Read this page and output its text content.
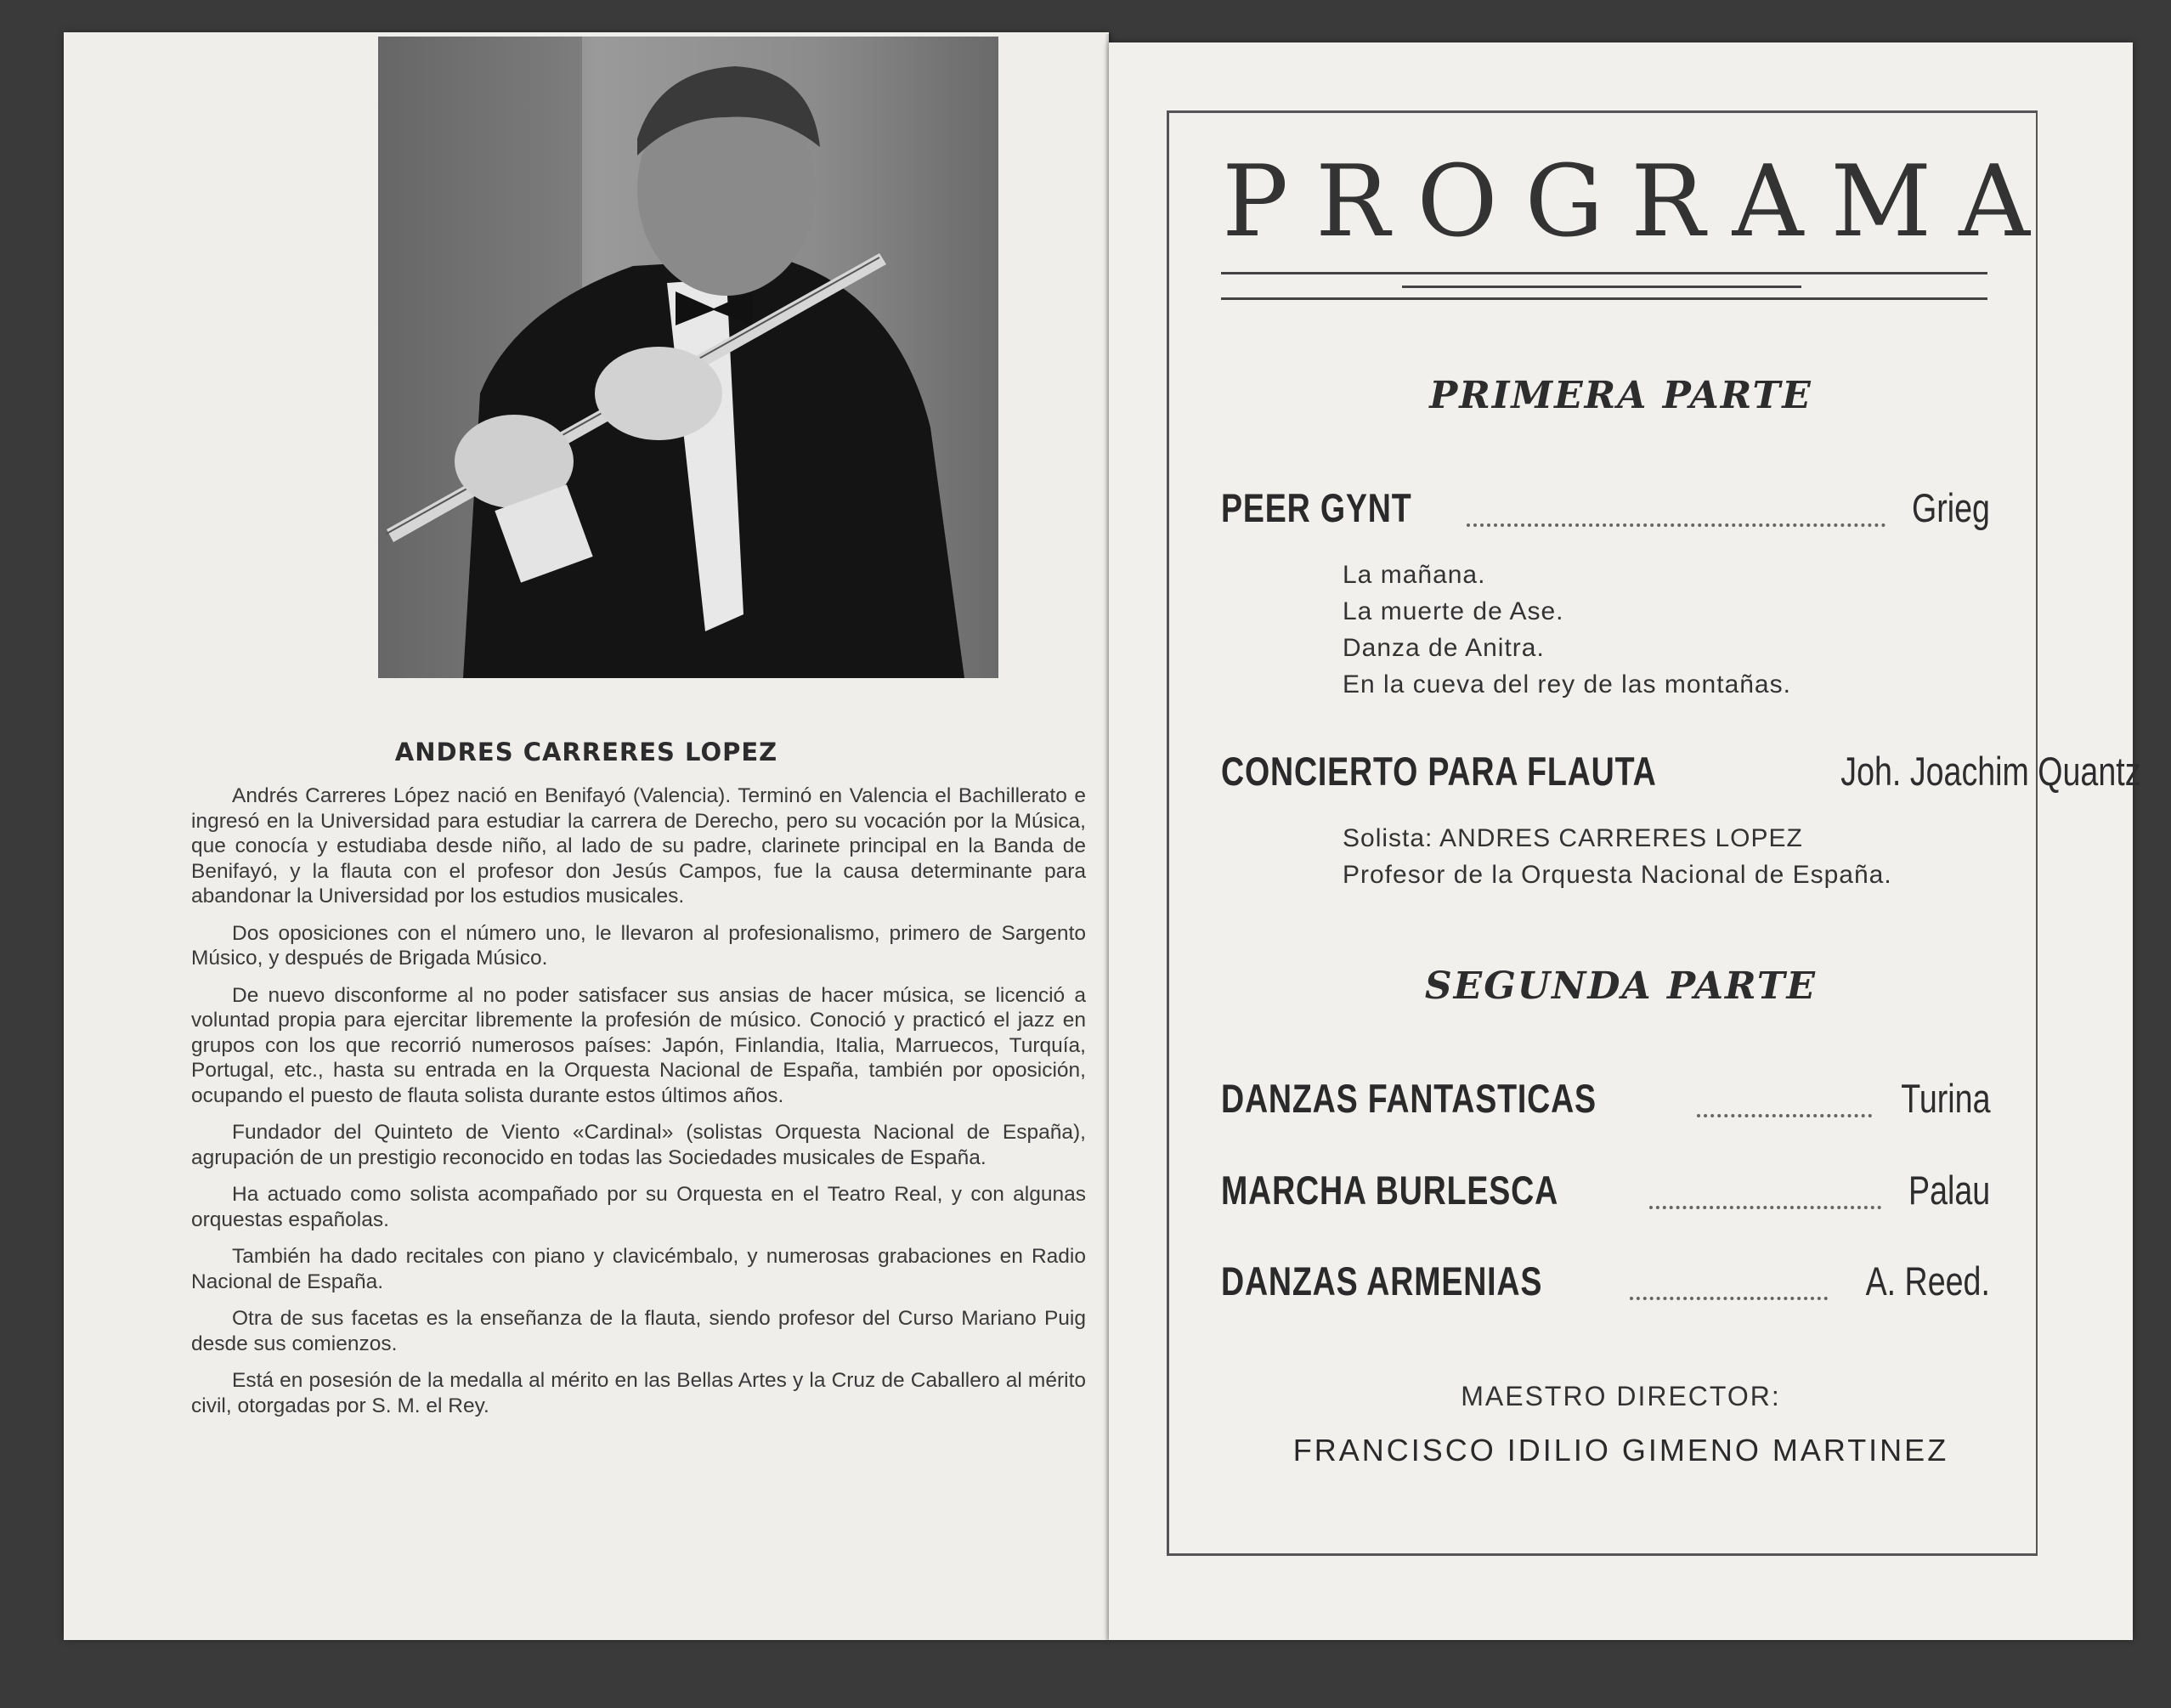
ANDRES CARRERES LOPEZ

Andrés Carreres López nació en Benifayó (Valencia). Terminó en Valencia el Bachillerato e ingresó en la Universidad para estudiar la carrera de Derecho, pero su vocación por la Música, que conocía y estudiaba desde niño, al lado de su padre, clarinete principal en la Banda de Benifayó, y la flauta con el profesor don Jesús Campos, fue la causa determinante para abandonar la Universidad por los estudios musicales.

Dos oposiciones con el número uno, le llevaron al profesionalismo, primero de Sargento Músico, y después de Brigada Músico.

De nuevo disconforme al no poder satisfacer sus ansias de hacer música, se licenció a voluntad propia para ejercitar libremente la profesión de músico. Conoció y practicó el jazz en grupos con los que recorrió numerosos países: Japón, Finlandia, Italia, Marruecos, Turquía, Portugal, etc., hasta su entrada en la Orquesta Nacional de España, también por oposición, ocupando el puesto de flauta solista durante estos últimos años.

Fundador del Quinteto de Viento «Cardinal» (solistas Orquesta Nacional de España), agrupación de un prestigio reconocido en todas las Sociedades musicales de España.

Ha actuado como solista acompañado por su Orquesta en el Teatro Real, y con algunas orquestas españolas.

También ha dado recitales con piano y clavicémbalo, y numerosas grabaciones en Radio Nacional de España.

Otra de sus facetas es la enseñanza de la flauta, siendo profesor del Curso Mariano Puig desde sus comienzos.

Está en posesión de la medalla al mérito en las Bellas Artes y la Cruz de Caballero al mérito civil, otorgadas por S. M. el Rey.

PROGRAMA
PRIMERA PARTE
PEER GYNT	Grieg
La mañana.
La muerte de Ase.
Danza de Anitra.
En la cueva del rey de las montañas.
CONCIERTO PARA FLAUTA	Joh. Joachim Quantz
Solista: ANDRES CARRERES LOPEZ
Profesor de la Orquesta Nacional de España.
SEGUNDA PARTE
DANZAS FANTASTICAS	Turina
MARCHA BURLESCA	Palau
DANZAS ARMENIAS	A. Reed.
MAESTRO DIRECTOR:
FRANCISCO IDILIO GIMENO MARTINEZ
